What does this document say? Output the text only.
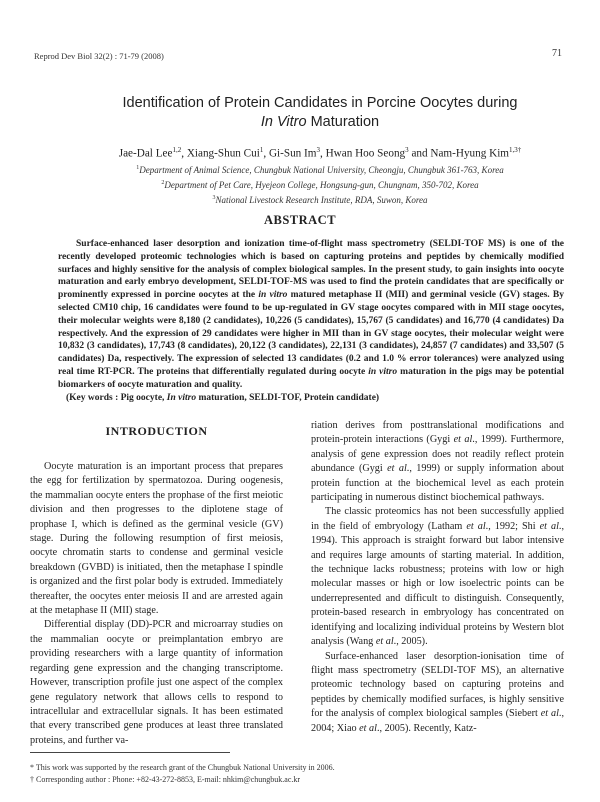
Reprod Dev Biol 32(2) : 71-79 (2008)	71
Identification of Protein Candidates in Porcine Oocytes during
In Vitro Maturation
Jae-Dal Lee$^{1,2}$, Xiang-Shun Cui$^1$, Gi-Sun Im$^3$, Hwan Hoo Seong$^3$ and Nam-Hyung Kim$^{1,3\dagger}$
$^1$Department of Animal Science, Chungbuk National University, Cheongju, Chungbuk 361-763, Korea
$^2$Department of Pet Care, Hyejeon College, Hongsung-gun, Chungnam, 350-702, Korea
$^3$National Livestock Research Institute, RDA, Suwon, Korea
ABSTRACT

Surface-enhanced laser desorption and ionization time-of-flight mass spectrometry (SELDI-TOF MS) is one of the recently developed proteomic technologies which is based on capturing proteins and peptides by chemically modified surfaces and highly sensitive for the analysis of complex biological samples. In the present study, to gain insights into oocyte maturation and early embryo development, SELDI-TOF-MS was used to find the protein candidates that are specifically or prominently expressed in porcine oocytes at the in vitro matured metaphase II (MII) and germinal vesicle (GV) stages. By selected CM10 chip, 16 candidates were found to be up-regulated in GV stage oocytes compared with in MII stage oocytes, their molecular weights were 8,180 (2 candidates), 10,226 (5 candidates), 15,767 (5 candidates) and 16,770 (4 candidates) Da respectively. And the expression of 29 candidates were higher in MII than in GV stage oocytes, their molecular weight were 10,832 (3 candidates), 17,743 (8 candidates), 20,122 (3 candidates), 22,131 (3 candidates), 24,857 (7 candidates) and 33,507 (5 candidates) Da, respectively. The expression of selected 13 candidates (0.2 and 1.0 % error tolerances) were analyzed using real time RT-PCR. The proteins that differentially regulated during oocyte in vitro maturation in the pigs may be potential biomarkers of oocyte maturation and quality.

(Key words : Pig oocyte, In vitro maturation, SELDI-TOF, Protein candidate)

INTRODUCTION

Oocyte maturation is an important process that prepares the egg for fertilization by spermatozoa. During oogenesis, the mammalian oocyte enters the prophase of the first meiotic division and then progresses to the diplotene stage of prophase I, which is defined as the germinal vesicle (GV) stage. During the following resumption of first meiosis, oocyte chromatin starts to condense and germinal vesicle breakdown (GVBD) is initiated, then the metaphase I spindle is organized and the first polar body is extruded. Immediately thereafter, the oocytes enter meiosis II and are arrested again at the metaphase II (MII) stage.

Differential display (DD)-PCR and microarray studies on the mammalian oocyte or preimplantation embryo are providing researchers with a large quantity of information regarding gene expression and the changing transcriptome. However, transcription profile just one aspect of the complex gene regulatory network that allows cells to respond to intracellular and extracellular signals. It has been estimated that every transcribed gene produces at least three translated proteins, and further va-

riation derives from posttranslational modifications and protein-protein interactions (Gygi et al., 1999). Furthermore, analysis of gene expression does not readily reflect protein abundance (Gygi et al., 1999) or supply information about protein function at the biochemical level as each protein participating in numerous distinct biochemical pathways.

The classic proteomics has not been successfully applied in the field of embryology (Latham et al., 1992; Shi et al., 1994). This approach is straight forward but labor intensive and requires large amounts of starting material. In addition, the technique lacks robustness; proteins with low or high molecular masses or high or low isoelectric points can be underrepresented and difficult to distinguish. Consequently, protein-based research in embryology has concentrated on identifying and localizing individual proteins by Western blot analysis (Wang et al., 2005).

Surface-enhanced laser desorption-ionisation time of flight mass spectrometry (SELDI-TOF MS), an alternative proteomic technology based on capturing proteins and peptides by chemically modified surfaces, is highly sensitive for the analysis of complex biological samples (Siebert et al., 2004; Xiao et al., 2005). Recently, Katz-

* This work was supported by the research grant of the Chungbuk National University in 2006.
† Corresponding author : Phone: +82-43-272-8853, E-mail: nhkim@chungbuk.ac.kr
